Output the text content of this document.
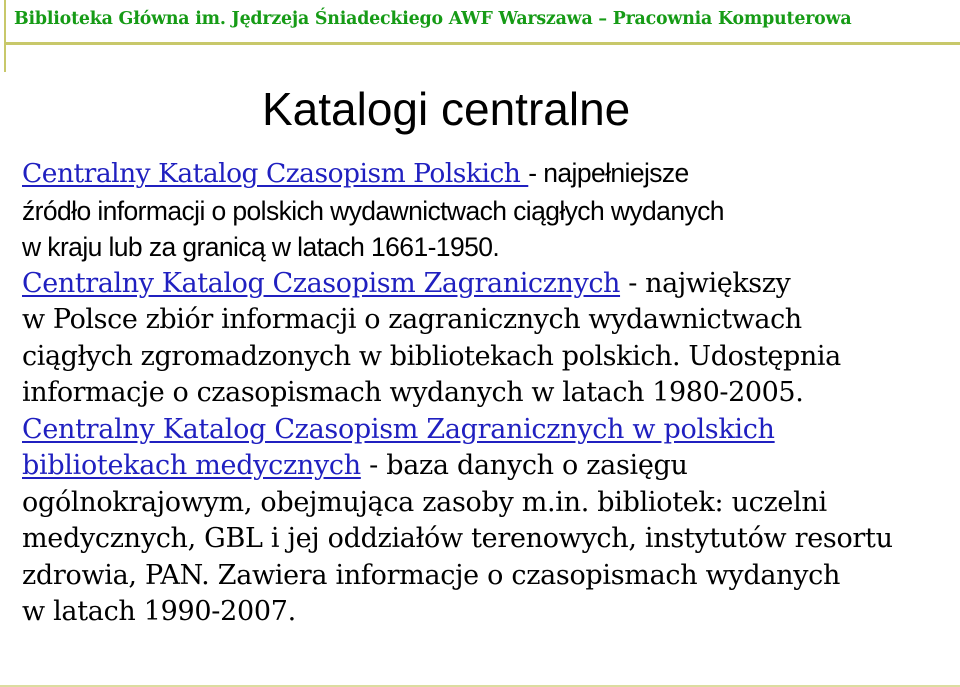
Biblioteka Główna im. Jędrzeja Śniadeckiego AWF Warszawa – Pracownia Komputerowa
Katalogi centralne

Centralny Katalog Czasopism Polskich - najpełniejsze
źródło informacji o polskich wydawnictwach ciągłych wydanych
w kraju lub za granicą w latach 1661-1950.

Centralny Katalog Czasopism Zagranicznych - największy
w Polsce zbiór informacji o zagranicznych wydawnictwach
ciągłych zgromadzonych w bibliotekach polskich. Udostępnia
informacje o czasopismach wydanych w latach 1980-2005.

Centralny Katalog Czasopism Zagranicznych w polskich
bibliotekach medycznych - baza danych o zasięgu
ogólnokrajowym, obejmująca zasoby m.in. bibliotek: uczelni
medycznych, GBL i jej oddziałów terenowych, instytutów resortu
zdrowia, PAN. Zawiera informacje o czasopismach wydanych
w latach 1990-2007.
